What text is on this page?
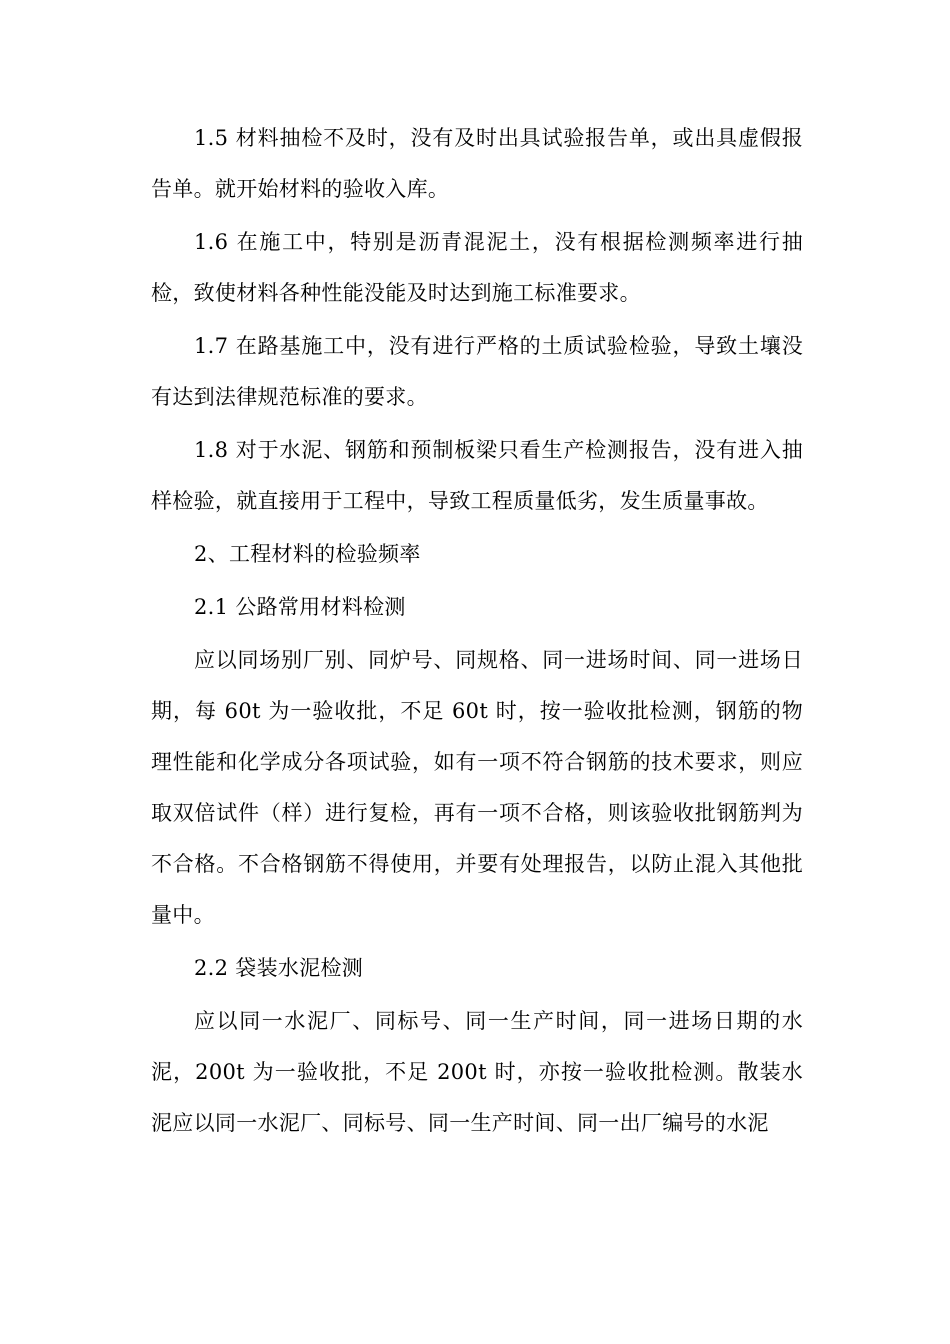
1.5 材料抽检不及时，没有及时出具试验报告单，或出具虚假报告单。就开始材料的验收入库。

1.6 在施工中，特别是沥青混泥土，没有根据检测频率进行抽检，致使材料各种性能没能及时达到施工标准要求。

1.7 在路基施工中，没有进行严格的土质试验检验，导致土壤没有达到法律规范标准的要求。

1.8 对于水泥、钢筋和预制板梁只看生产检测报告，没有进入抽样检验，就直接用于工程中，导致工程质量低劣，发生质量事故。

2、工程材料的检验频率

2.1 公路常用材料检测

应以同场别厂别、同炉号、同规格、同一进场时间、同一进场日期，每 60t 为一验收批，不足 60t 时，按一验收批检测，钢筋的物理性能和化学成分各项试验，如有一项不符合钢筋的技术要求，则应取双倍试件（样）进行复检，再有一项不合格，则该验收批钢筋判为不合格。不合格钢筋不得使用，并要有处理报告，以防止混入其他批量中。

2.2 袋装水泥检测

应以同一水泥厂、同标号、同一生产时间，同一进场日期的水泥，200t 为一验收批，不足 200t 时，亦按一验收批检测。散装水泥应以同一水泥厂、同标号、同一生产时间、同一出厂编号的水泥
